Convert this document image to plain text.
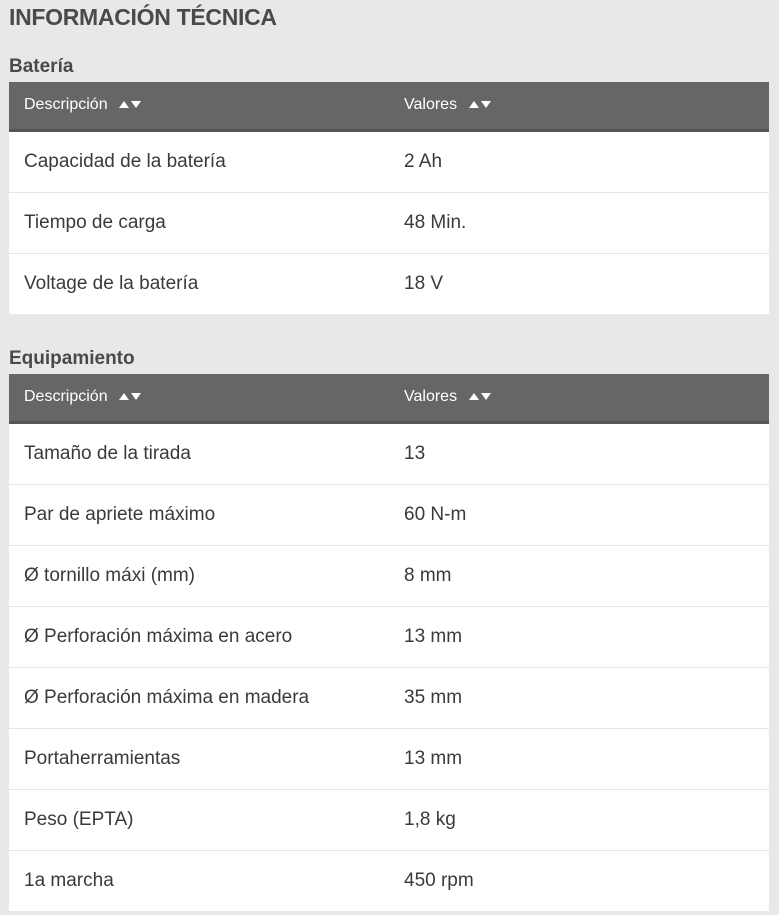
INFORMACIÓN TÉCNICA
Batería
Descripción	Valores
Capacidad de la batería	2 Ah
Tiempo de carga	48 Min.
Voltage de la batería	18 V
Equipamiento
Descripción	Valores
Tamaño de la tirada	13
Par de apriete máximo	60 N-m
Ø tornillo máxi (mm)	8 mm
Ø Perforación máxima en acero	13 mm
Ø Perforación máxima en madera	35 mm
Portaherramientas	13 mm
Peso (EPTA)	1,8 kg
1a marcha	450 rpm
